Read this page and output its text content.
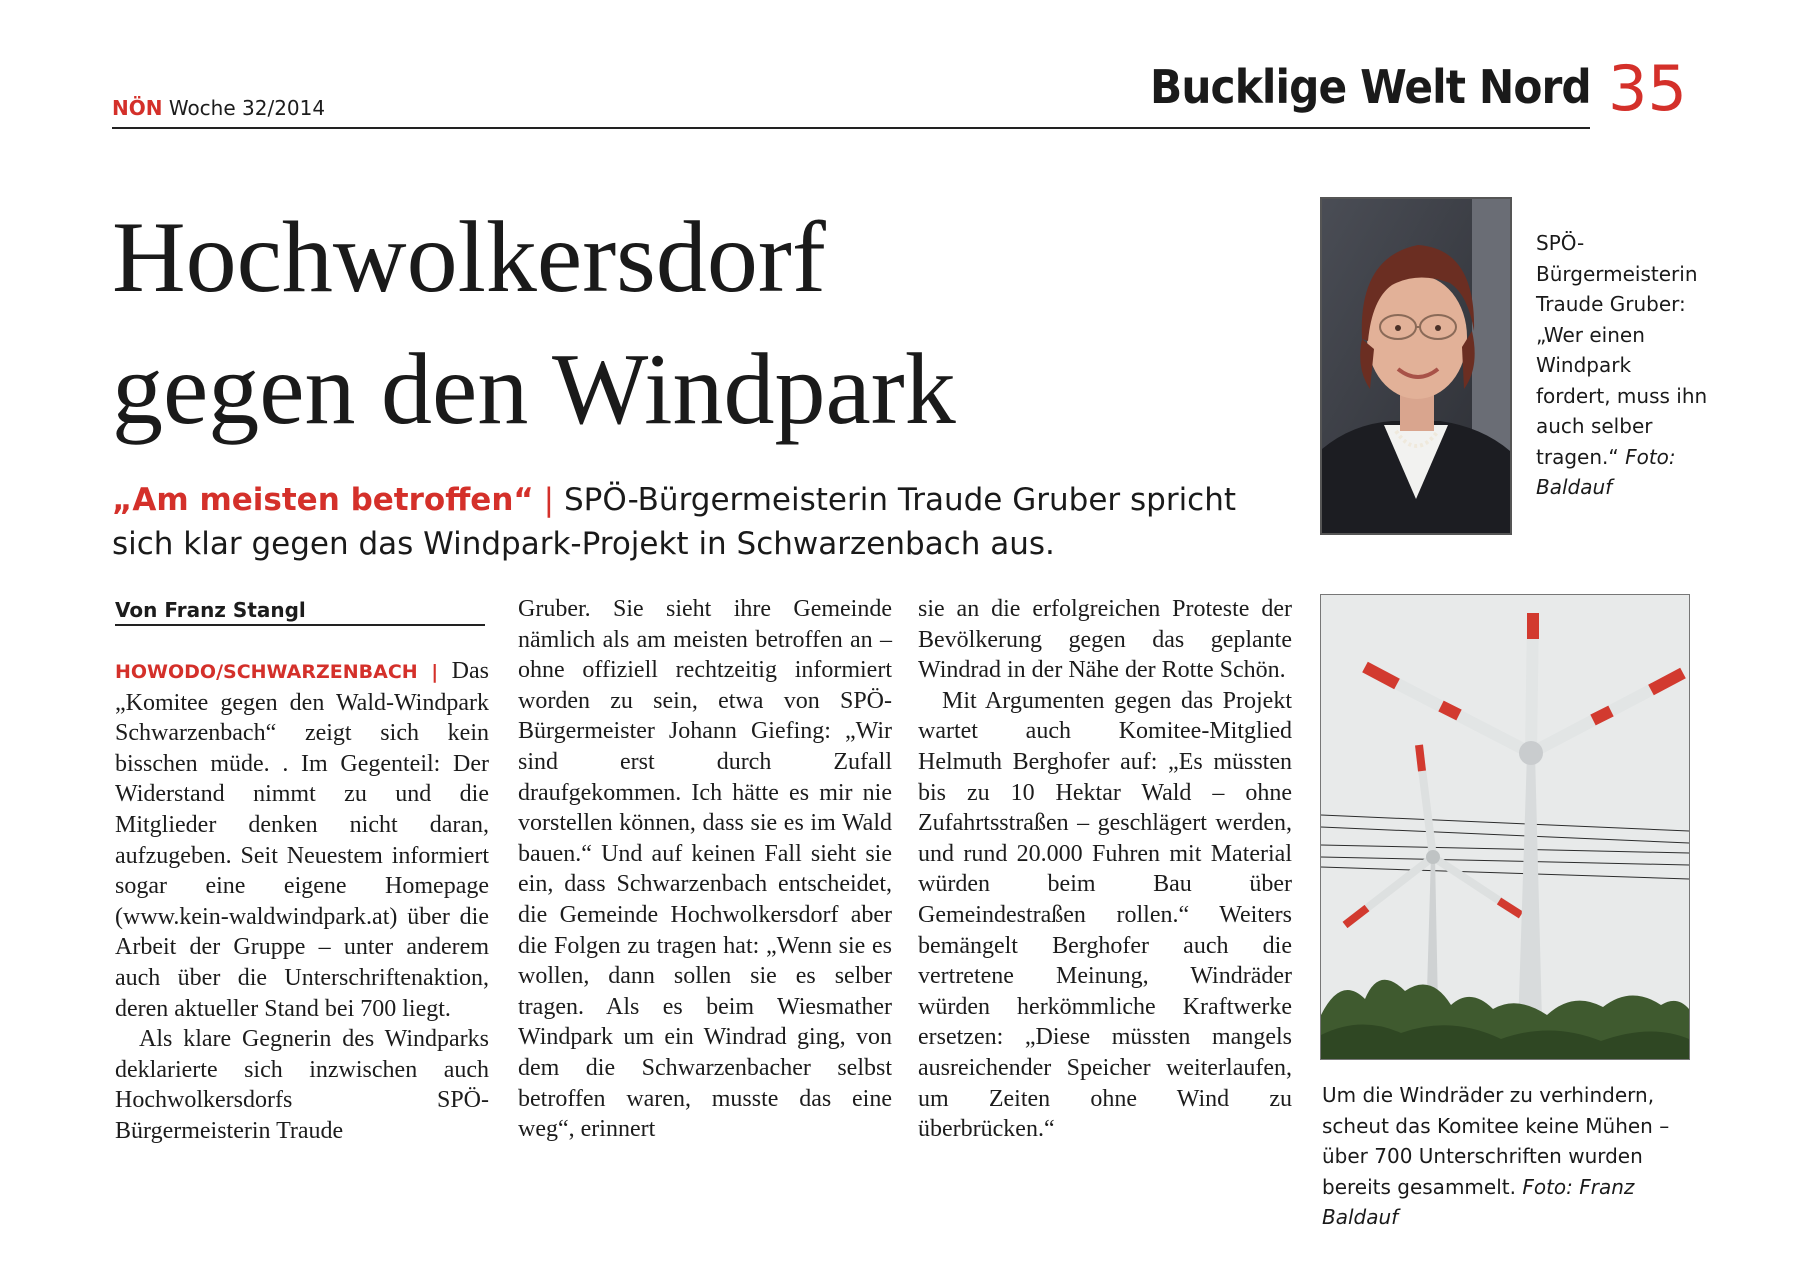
NÖN Woche 32/2014	Bucklige Welt Nord 35
Hochwolkersdorf
gegen den Windpark
„Am meisten betroffen“ | SPÖ-Bürgermeisterin Traude Gruber spricht sich klar gegen das Windpark-Projekt in Schwarzenbach aus.
Von Franz Stangl

HOWODO/SCHWARZENBACH | Das „Komitee gegen den Wald-Windpark Schwarzenbach“ zeigt sich kein bisschen müde. . Im Gegenteil: Der Widerstand nimmt zu und die Mitglieder denken nicht daran, aufzugeben. Seit Neuestem informiert sogar eine eigene Homepage (www.kein-waldwindpark.at) über die Arbeit der Gruppe – unter anderem auch über die Unterschriftenaktion, deren aktueller Stand bei 700 liegt.

Als klare Gegnerin des Windparks deklarierte sich inzwischen auch Hochwolkersdorfs SPÖ-Bürgermeisterin Traude

Gruber. Sie sieht ihre Gemeinde nämlich als am meisten betroffen an – ohne offiziell rechtzeitig informiert worden zu sein, etwa von SPÖ-Bürgermeister Johann Giefing: „Wir sind erst durch Zufall draufgekommen. Ich hätte es mir nie vorstellen können, dass sie es im Wald bauen.“ Und auf keinen Fall sieht sie ein, dass Schwarzenbach entscheidet, die Gemeinde Hochwolkersdorf aber die Folgen zu tragen hat: „Wenn sie es wollen, dann sollen sie es selber tragen. Als es beim Wiesmather Windpark um ein Windrad ging, von dem die Schwarzenbacher selbst betroffen waren, musste das eine weg“, erinnert

sie an die erfolgreichen Proteste der Bevölkerung gegen das geplante Windrad in der Nähe der Rotte Schön.

Mit Argumenten gegen das Projekt wartet auch Komitee-Mitglied Helmuth Berghofer auf: „Es müssten bis zu 10 Hektar Wald – ohne Zufahrtsstraßen – geschlägert werden, und rund 20.000 Fuhren mit Material würden beim Bau über Gemeindestraßen rollen.“ Weiters bemängelt Berghofer auch die vertretene Meinung, Windräder würden herkömmliche Kraftwerke ersetzen: „Diese müssten mangels ausreichender Speicher weiterlaufen, um Zeiten ohne Wind zu überbrücken.“

SPÖ-Bürgermeisterin Traude Gruber: „Wer einen Windpark fordert, muss ihn auch selber tragen.“ Foto: Baldauf
Um die Windräder zu verhindern, scheut das Komitee keine Mühen – über 700 Unterschriften wurden bereits gesammelt. Foto: Franz Baldauf
